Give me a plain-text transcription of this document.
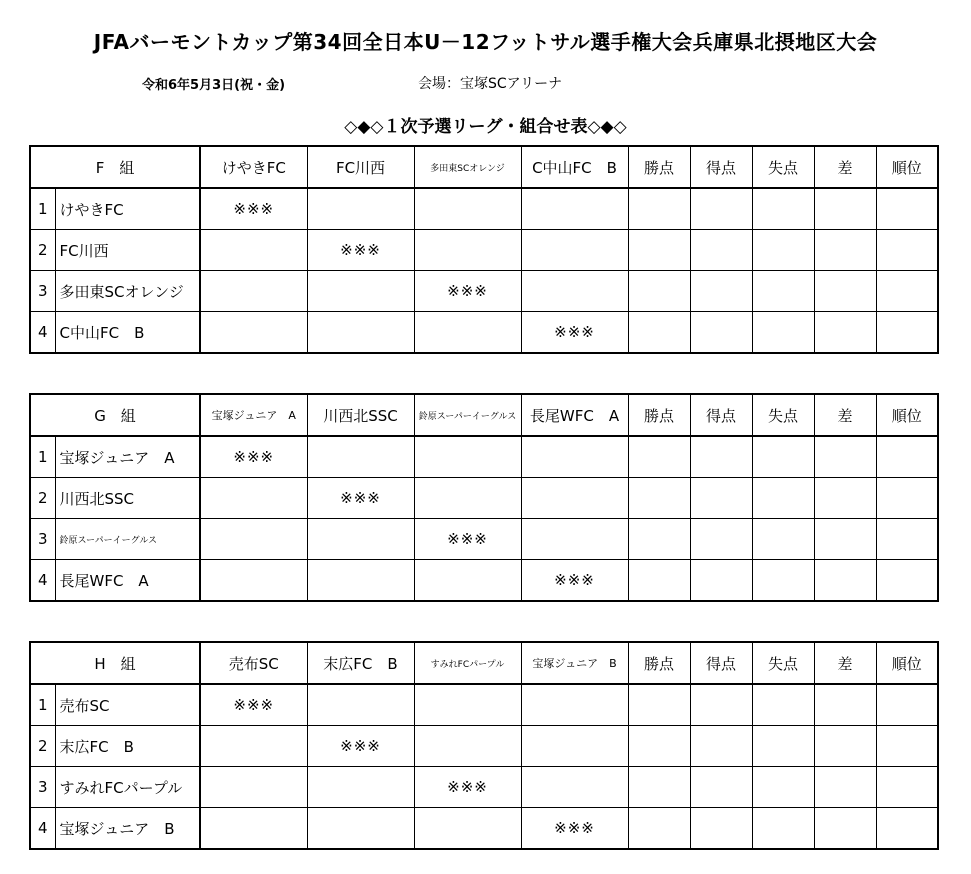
JFAバーモントカップ第34回全日本U－12フットサル選手権大会兵庫県北摂地区大会
令和6年5月3日(祝・金)	会場：宝塚SCアリーナ
◇◆◇１次予選リーグ・組合せ表◇◆◇
F　組		けやきFC	FC川西	多田東SCオレンジ	C中山FC　B	勝点	得点	失点	差	順位
1	けやきFC	※※※								
2	FC川西		※※※							
3	多田東SCオレンジ			※※※						
4	C中山FC　B				※※※					
G　組		宝塚ジュニア　A	川西北SSC	鈴原スーパーイーグルス	長尾WFC　A	勝点	得点	失点	差	順位
1	宝塚ジュニア　A	※※※								
2	川西北SSC		※※※							
3	鈴原スーパーイーグルス			※※※						
4	長尾WFC　A				※※※					
H　組		売布SC	末広FC　B	すみれFCパープル	宝塚ジュニア　B	勝点	得点	失点	差	順位
1	売布SC	※※※								
2	末広FC　B		※※※							
3	すみれFCパープル			※※※						
4	宝塚ジュニア　B				※※※					
